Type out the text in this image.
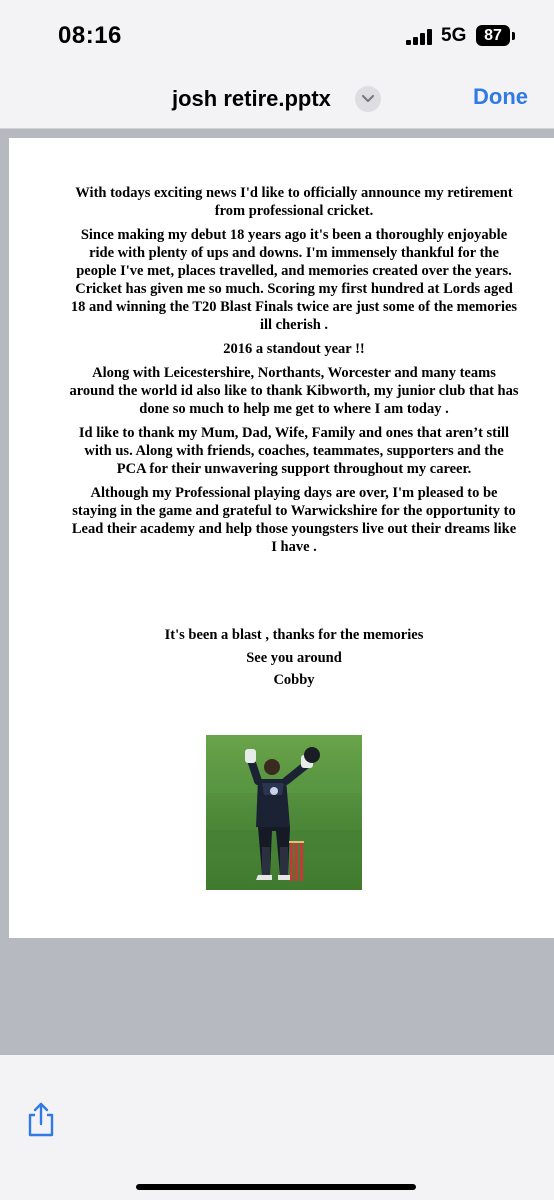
08:16	5G	87
josh retire.pptx	Done

With todays exciting news I'd like to officially announce my retirement from professional cricket.

Since making my debut 18 years ago it's been a thoroughly enjoyable ride with plenty of ups and downs. I'm immensely thankful for the people I've met, places travelled, and memories created over the years. Cricket has given me so much. Scoring my first hundred at Lords aged 18 and winning the T20 Blast Finals twice are just some of the memories ill cherish .

2016 a standout year !!

Along with Leicestershire, Northants, Worcester and many teams around the world id also like to thank Kibworth, my junior club that has done so much to help me get to where I am today .

Id like to thank my Mum, Dad, Wife, Family and ones that aren’t still with us. Along with friends, coaches, teammates, supporters and the PCA for their unwavering support throughout my career.

Although my Professional playing days are over, I'm pleased to be staying in the game and grateful to Warwickshire for the opportunity to Lead their academy and help those youngsters live out their dreams like I have .

It's been a blast , thanks for the memories

See you around

Cobby
